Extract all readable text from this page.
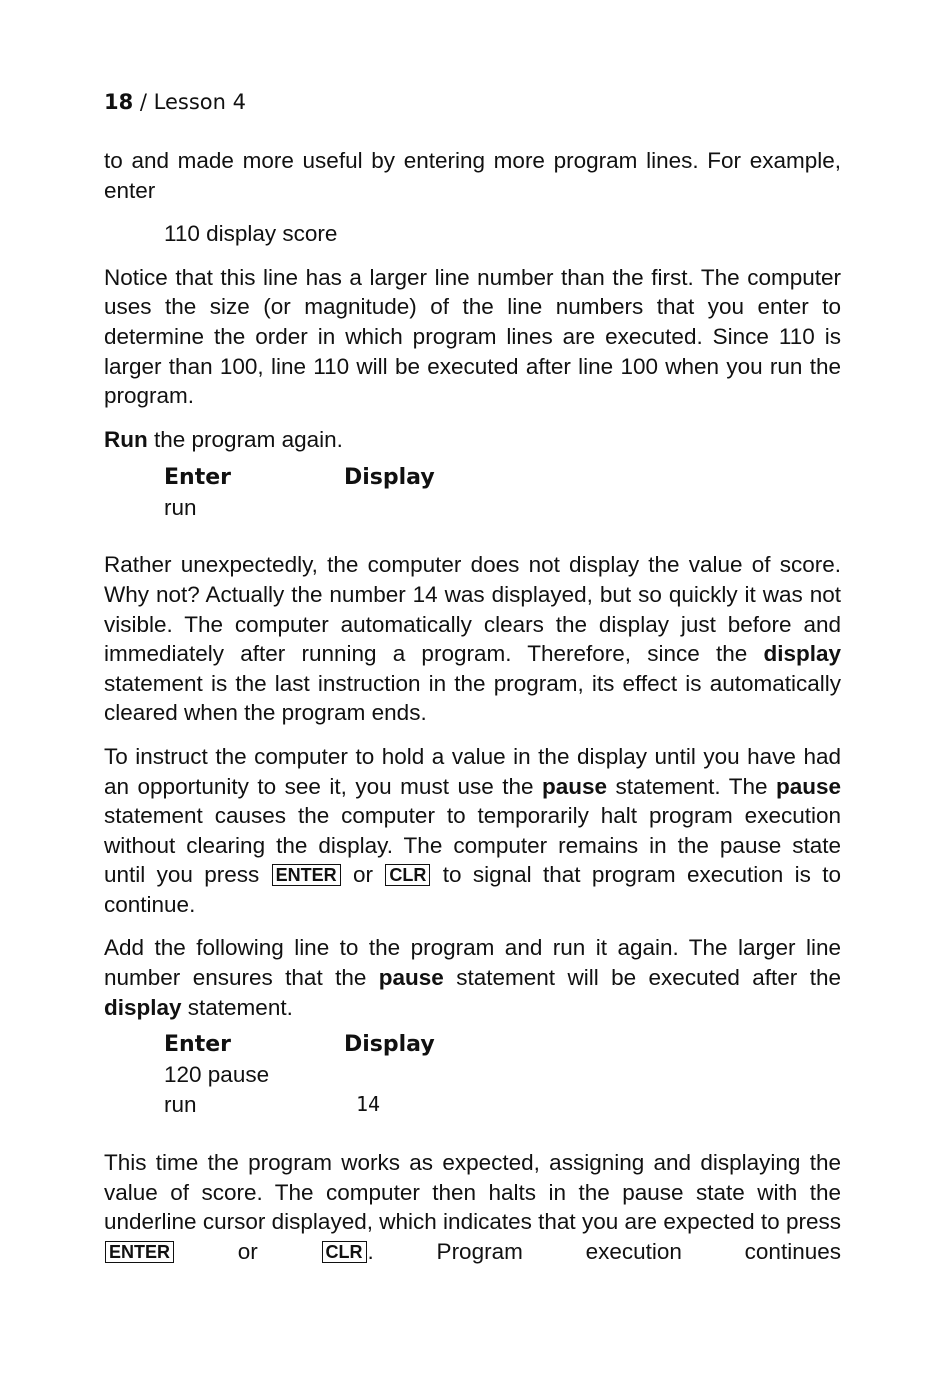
18 / Lesson 4

to and made more useful by entering more program lines. For example, enter

110 display score

Notice that this line has a larger line number than the first. The computer uses the size (or magnitude) of the line numbers that you enter to determine the order in which program lines are executed. Since 110 is larger than 100, line 110 will be executed after line 100 when you run the program.

Run the program again.

Enter	Display
run

Rather unexpectedly, the computer does not display the value of score. Why not? Actually the number 14 was displayed, but so quickly it was not visible. The computer automatically clears the display just before and immediately after running a program. Therefore, since the display statement is the last instruction in the program, its effect is automatically cleared when the program ends.

To instruct the computer to hold a value in the display until you have had an opportunity to see it, you must use the pause statement. The pause statement causes the computer to temporarily halt program execution without clearing the display. The computer remains in the pause state until you press ENTER or CLR to signal that program execution is to continue.

Add the following line to the program and run it again. The larger line number ensures that the pause statement will be executed after the display statement.

Enter	Display
120 pause
run	14

This time the program works as expected, assigning and displaying the value of score. The computer then halts in the pause state with the underline cursor displayed, which indicates that you are expected to press ENTER or CLR . Program execution continues
